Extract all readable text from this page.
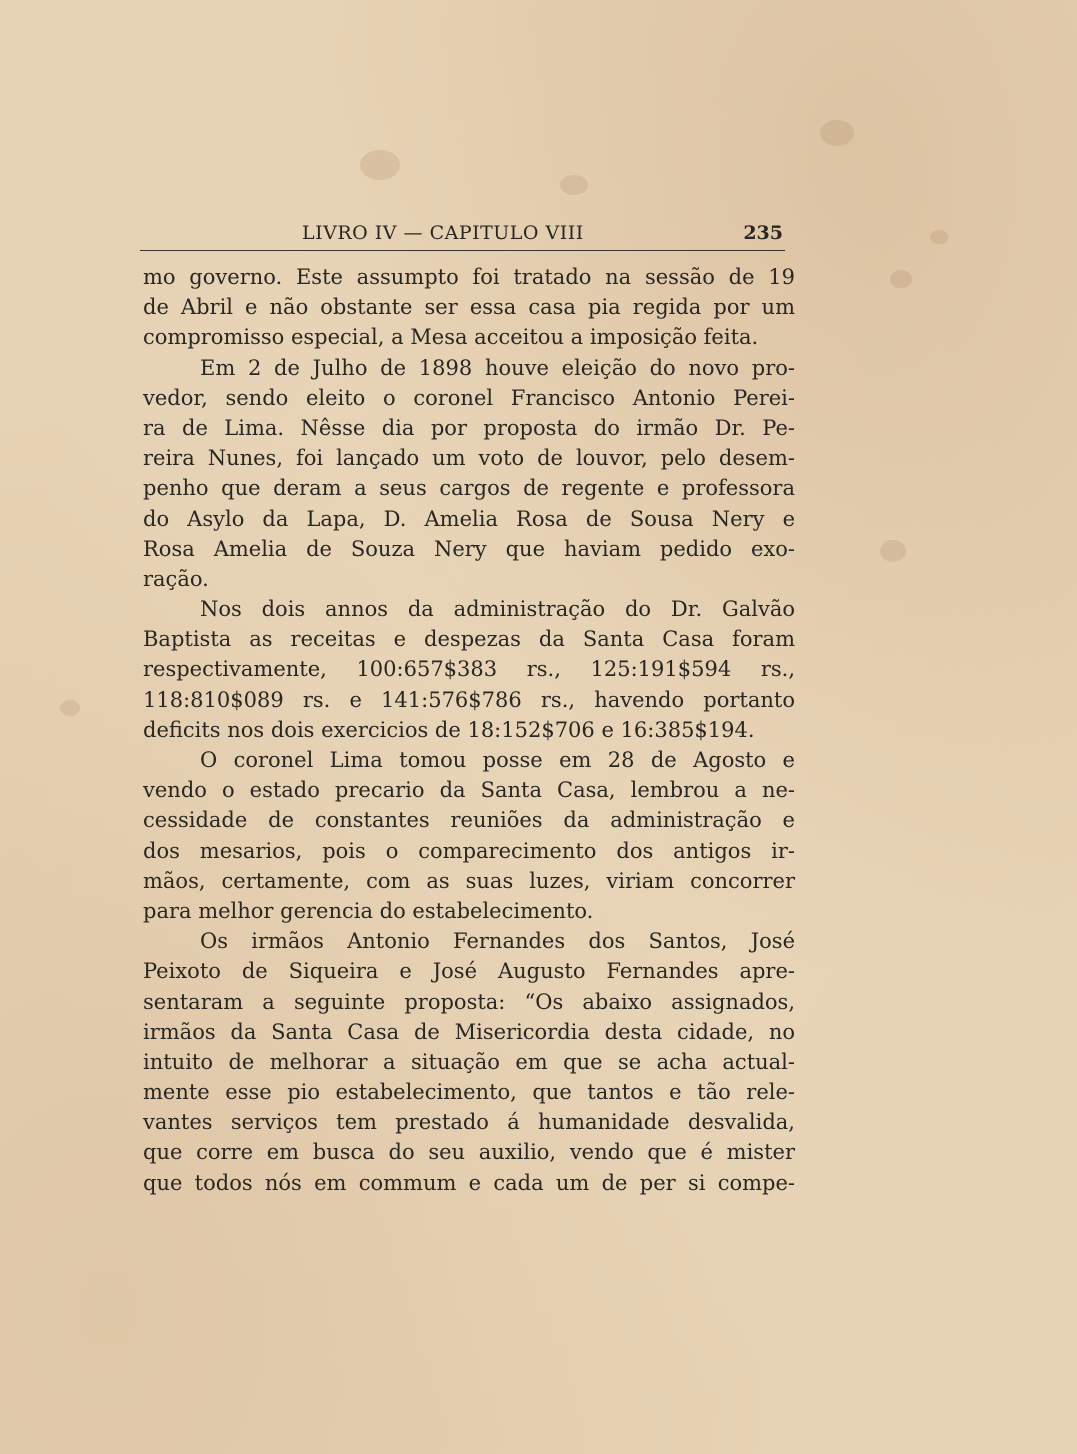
LIVRO IV — CAPITULO VIII	235
mo governo. Este assumpto foi tratado na sessão de 19
de Abril e não obstante ser essa casa pia regida por um
compromisso especial, a Mesa acceitou a imposição feita.
Em 2 de Julho de 1898 houve eleição do novo pro-
vedor, sendo eleito o coronel Francisco Antonio Perei-
ra de Lima. Nêsse dia por proposta do irmão Dr. Pe-
reira Nunes, foi lançado um voto de louvor, pelo desem-
penho que deram a seus cargos de regente e professora
do Asylo da Lapa, D. Amelia Rosa de Sousa Nery e
Rosa Amelia de Souza Nery que haviam pedido exo-
ração.
Nos dois annos da administração do Dr. Galvão
Baptista as receitas e despezas da Santa Casa foram
respectivamente, 100:657$383 rs., 125:191$594 rs.,
118:810$089 rs. e 141:576$786 rs., havendo portanto
deficits nos dois exercicios de 18:152$706 e 16:385$194.
O coronel Lima tomou posse em 28 de Agosto e
vendo o estado precario da Santa Casa, lembrou a ne-
cessidade de constantes reuniões da administração e
dos mesarios, pois o comparecimento dos antigos ir-
mãos, certamente, com as suas luzes, viriam concorrer
para melhor gerencia do estabelecimento.
Os irmãos Antonio Fernandes dos Santos, José
Peixoto de Siqueira e José Augusto Fernandes apre-
sentaram a seguinte proposta: “Os abaixo assignados,
irmãos da Santa Casa de Misericordia desta cidade, no
intuito de melhorar a situação em que se acha actual-
mente esse pio estabelecimento, que tantos e tão rele-
vantes serviços tem prestado á humanidade desvalida,
que corre em busca do seu auxilio, vendo que é mister
que todos nós em commum e cada um de per si compe-
